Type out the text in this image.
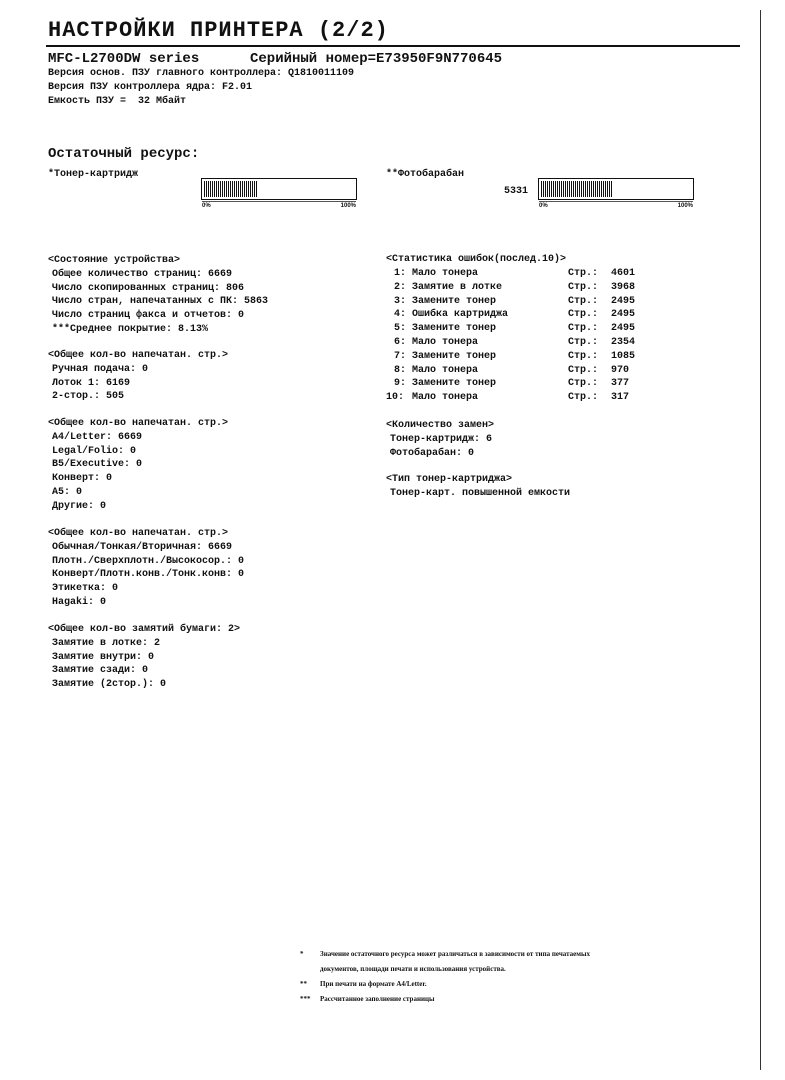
НАСТРОЙКИ ПРИНТЕРА (2/2)
MFC-L2700DW series	Серийный номер=E73950F9N770645
Версия основ. ПЗУ главного контроллера: Q1810011109
Версия ПЗУ контроллера ядра: F2.01
Емкость ПЗУ =  32 Мбайт
Остаточный ресурс:
*Тонер-картридж
0%	100%
**Фотобарабан
5331
0%	100%
<Состояние устройства>
Общее количество страниц: 6669
Число скопированных страниц: 806
Число стран, напечатанных с ПК: 5863
Число страниц факса и отчетов: 0
***Среднее покрытие: 8.13%
<Общее кол-во напечатан. стр.>
Ручная подача: 0
Лоток 1: 6169
2-стор.: 505
<Общее кол-во напечатан. стр.>
A4/Letter: 6669
Legal/Folio: 0
B5/Executive: 0
Конверт: 0
A5: 0
Другие: 0
<Общее кол-во напечатан. стр.>
Обычная/Тонкая/Вторичная: 6669
Плотн./Сверхплотн./Высокосор.: 0
Конверт/Плотн.конв./Тонк.конв: 0
Этикетка: 0
Hagaki: 0
<Общее кол-во замятий бумаги: 2>
Замятие в лотке: 2
Замятие внутри: 0
Замятие сзади: 0
Замятие (2стор.): 0
<Статистика ошибок(послед.10)>
1: Мало тонера	Стр.: 4601
2: Замятие в лотке	Стр.: 3968
3: Замените тонер	Стр.: 2495
4: Ошибка картриджа	Стр.: 2495
5: Замените тонер	Стр.: 2495
6: Мало тонера	Стр.: 2354
7: Замените тонер	Стр.: 1085
8: Мало тонера	Стр.: 970
9: Замените тонер	Стр.: 377
10: Мало тонера	Стр.: 317
<Количество замен>
Тонер-картридж: 6
Фотобарабан: 0
<Тип тонер-картриджа>
Тонер-карт. повышенной емкости
* Значение остаточного ресурса может различаться в зависимости от типа печатаемых
документов, площади печати и использования устройства.
** При печати на формате A4/Letter.
*** Рассчитанное заполнение страницы
